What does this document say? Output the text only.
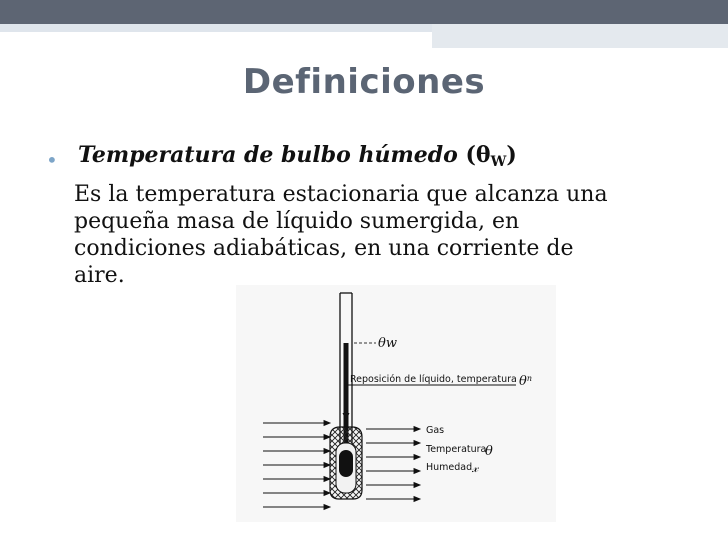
Definiciones
• Temperatura de bulbo húmedo (θW)
Es la temperatura estacionaria que alcanza una
pequeña masa de líquido sumergida, en
condiciones adiabáticas, en una corriente de
aire.
θw
Reposición de líquido, temperatura $\theta^n$
Gas
Temperatura
θ
Humedad 𝓍
